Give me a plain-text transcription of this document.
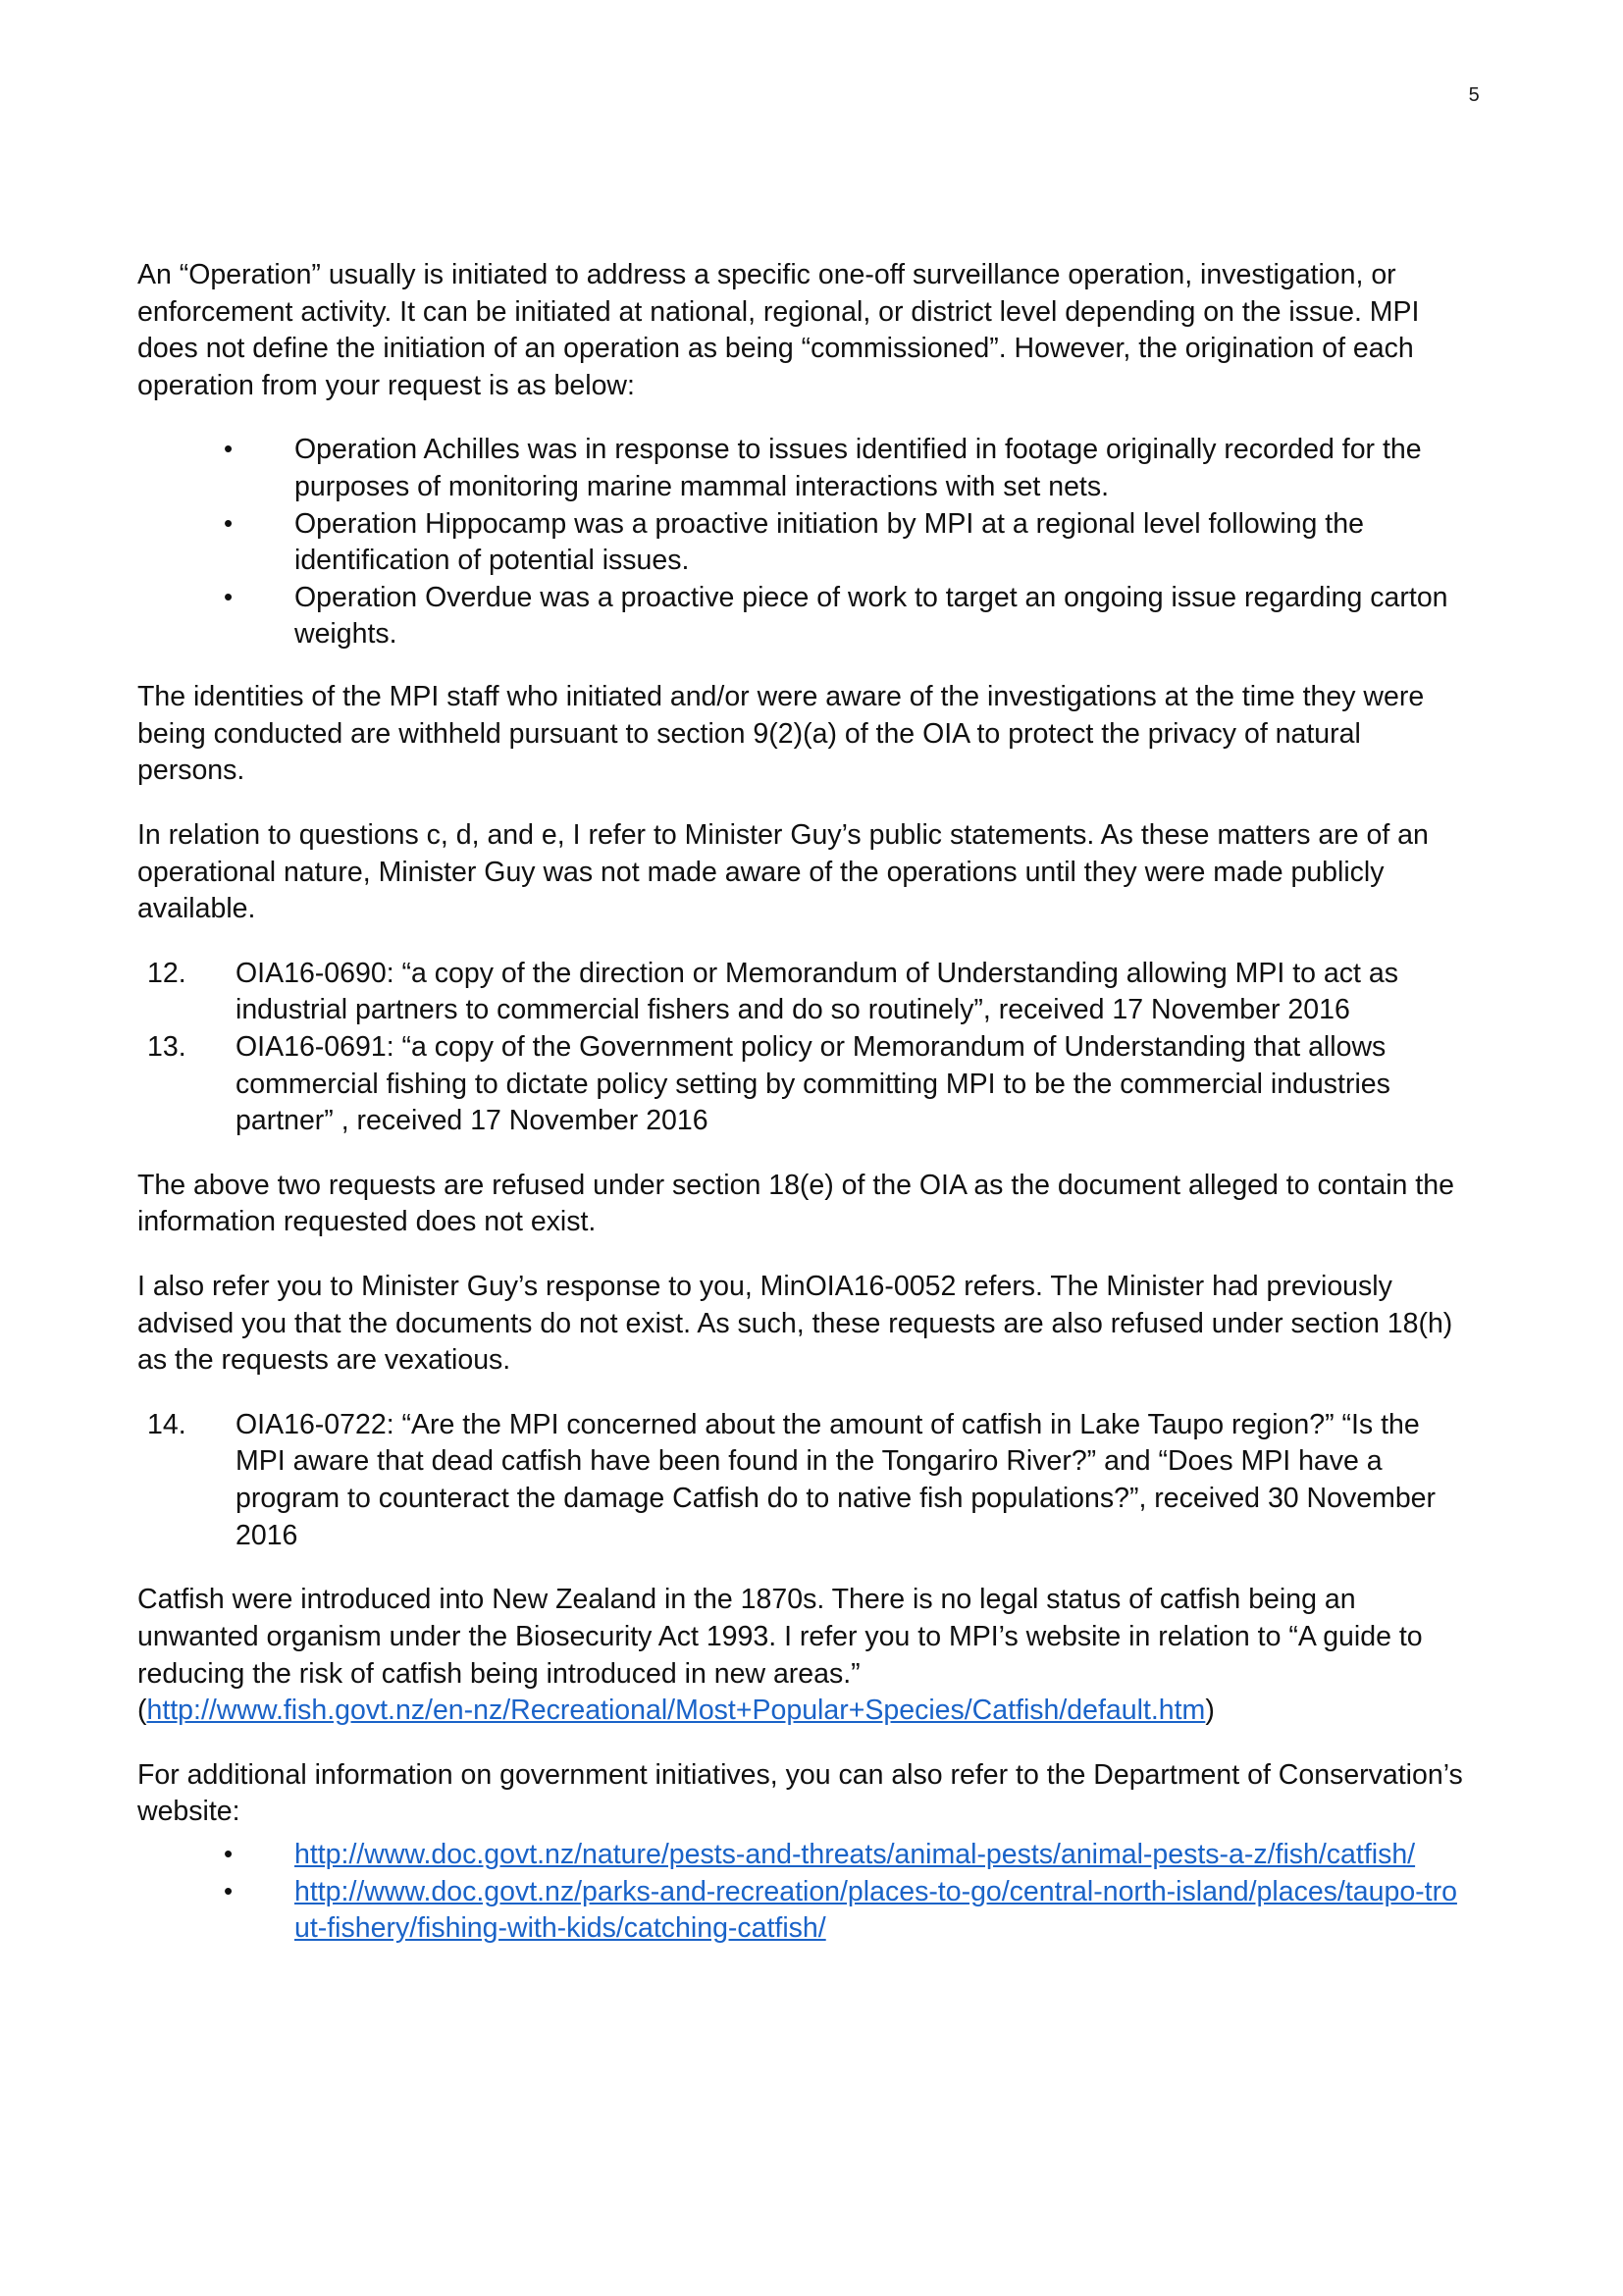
5

An “Operation” usually is initiated to address a specific one-off surveillance operation, investigation, or enforcement activity. It can be initiated at national, regional, or district level depending on the issue. MPI does not define the initiation of an operation as being “commissioned”. However, the origination of each operation from your request is as below:

• Operation Achilles was in response to issues identified in footage originally recorded for the purposes of monitoring marine mammal interactions with set nets.
• Operation Hippocamp was a proactive initiation by MPI at a regional level following the identification of potential issues.
• Operation Overdue was a proactive piece of work to target an ongoing issue regarding carton weights.

The identities of the MPI staff who initiated and/or were aware of the investigations at the time they were being conducted are withheld pursuant to section 9(2)(a) of the OIA to protect the privacy of natural persons.

In relation to questions c, d, and e, I refer to Minister Guy’s public statements. As these matters are of an operational nature, Minister Guy was not made aware of the operations until they were made publicly available.

12.	OIA16-0690: “a copy of the direction or Memorandum of Understanding allowing MPI to act as industrial partners to commercial fishers and do so routinely”, received 17 November 2016
13.	OIA16-0691: “a copy of the Government policy or Memorandum of Understanding that allows commercial fishing to dictate policy setting by committing MPI to be the commercial industries partner” , received 17 November 2016

The above two requests are refused under section 18(e) of the OIA as the document alleged to contain the information requested does not exist.

I also refer you to Minister Guy’s response to you, MinOIA16-0052 refers. The Minister had previously advised you that the documents do not exist. As such, these requests are also refused under section 18(h) as the requests are vexatious.

14.	OIA16-0722: “Are the MPI concerned about the amount of catfish in Lake Taupo region?” “Is the MPI aware that dead catfish have been found in the Tongariro River?” and “Does MPI have a program to counteract the damage Catfish do to native fish populations?”, received 30 November 2016

Catfish were introduced into New Zealand in the 1870s. There is no legal status of catfish being an unwanted organism under the Biosecurity Act 1993. I refer you to MPI’s website in relation to “A guide to reducing the risk of catfish being introduced in new areas.”
(http://www.fish.govt.nz/en-nz/Recreational/Most+Popular+Species/Catfish/default.htm)

For additional information on government initiatives, you can also refer to the Department of Conservation’s website:

• http://www.doc.govt.nz/nature/pests-and-threats/animal-pests/animal-pests-a-z/fish/catfish/
• http://www.doc.govt.nz/parks-and-recreation/places-to-go/central-north-island/places/taupo-trout-fishery/fishing-with-kids/catching-catfish/
